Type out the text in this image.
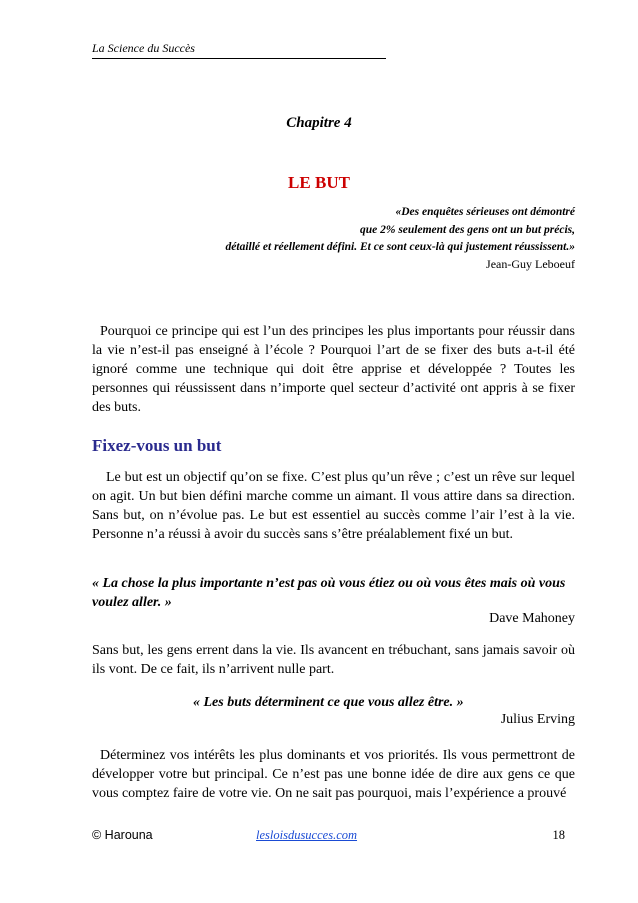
La Science du Succès
Chapitre 4
LE BUT
«Des enquêtes sérieuses ont démontré
que 2% seulement des gens ont un but précis,
détaillé et réellement défini. Et ce sont ceux-là qui justement réussissent.»
Jean-Guy Leboeuf
Pourquoi ce principe qui est l’un des principes les plus importants pour réussir dans la vie n’est-il pas enseigné à l’école ? Pourquoi l’art de se fixer des buts a-t-il été ignoré comme une technique qui doit être apprise et développée ? Toutes les personnes qui réussissent dans n’importe quel secteur d’activité ont appris à se fixer des buts.
Fixez-vous un but
Le but est un objectif qu’on se fixe. C’est plus qu’un rêve ; c’est un rêve sur lequel on agit. Un but bien défini marche comme un aimant. Il vous attire dans sa direction. Sans but, on n’évolue pas. Le but est essentiel au succès comme l’air l’est à la vie. Personne n’a réussi à avoir du succès sans s’être préalablement fixé un but.
« La chose la plus importante n’est pas où vous étiez ou où vous êtes mais où vous voulez aller. »
Dave Mahoney
Sans but, les gens errent dans la vie. Ils avancent en trébuchant, sans jamais savoir où ils vont. De ce fait, ils n’arrivent nulle part.
« Les buts déterminent ce que vous allez être. »
Julius Erving
Déterminez vos intérêts les plus dominants et vos priorités. Ils vous permettront de développer votre but principal. Ce n’est pas une bonne idée de dire aux gens ce que vous comptez faire de votre vie. On ne sait pas pourquoi, mais l’expérience a prouvé
© Harouna	lesloisdusucces.com	18
